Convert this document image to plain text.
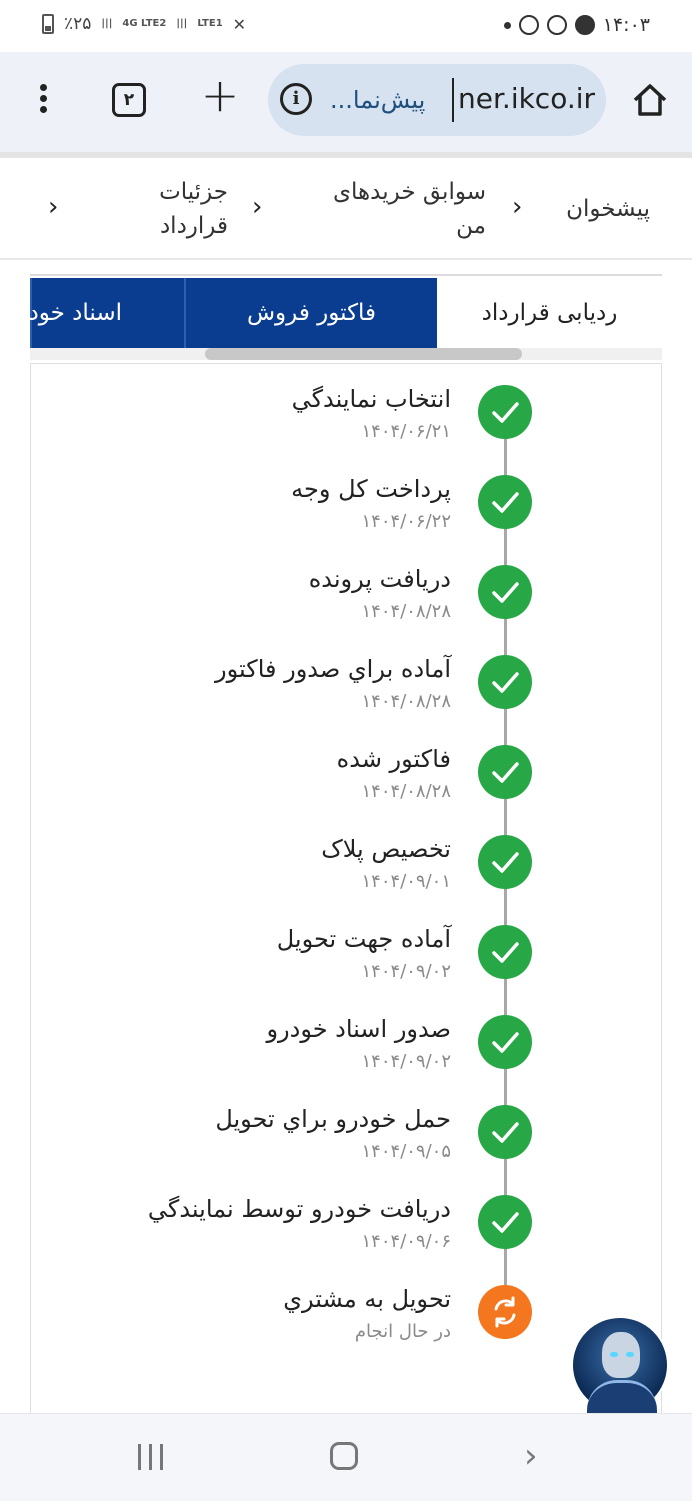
٪۲۵ ||| 4G LTE2 ||| LTE1 ✕	۱۴:۰۳
۲ +	i	پیش‌نما... ner.ikco.ir
پیشخوان
‹
سوابق خریدهای من
‹
جزئیات قرارداد
‹
ردیابی قرارداد
فاکتور فروش
اسناد خودرو
انتخاب نمايندگي
۱۴۰۴/۰۶/۲۱
پرداخت کل وجه
۱۴۰۴/۰۶/۲۲
دریافت پرونده
۱۴۰۴/۰۸/۲۸
آماده براي صدور فاکتور
۱۴۰۴/۰۸/۲۸
فاکتور شده
۱۴۰۴/۰۸/۲۸
تخصیص پلاک
۱۴۰۴/۰۹/۰۱
آماده جهت تحویل
۱۴۰۴/۰۹/۰۲
صدور اسناد خودرو
۱۴۰۴/۰۹/۰۲
حمل خودرو براي تحویل
۱۴۰۴/۰۹/۰۵
دریافت خودرو توسط نمايندگي
۱۴۰۴/۰۹/۰۶
تحویل به مشتري
در حال انجام
›
